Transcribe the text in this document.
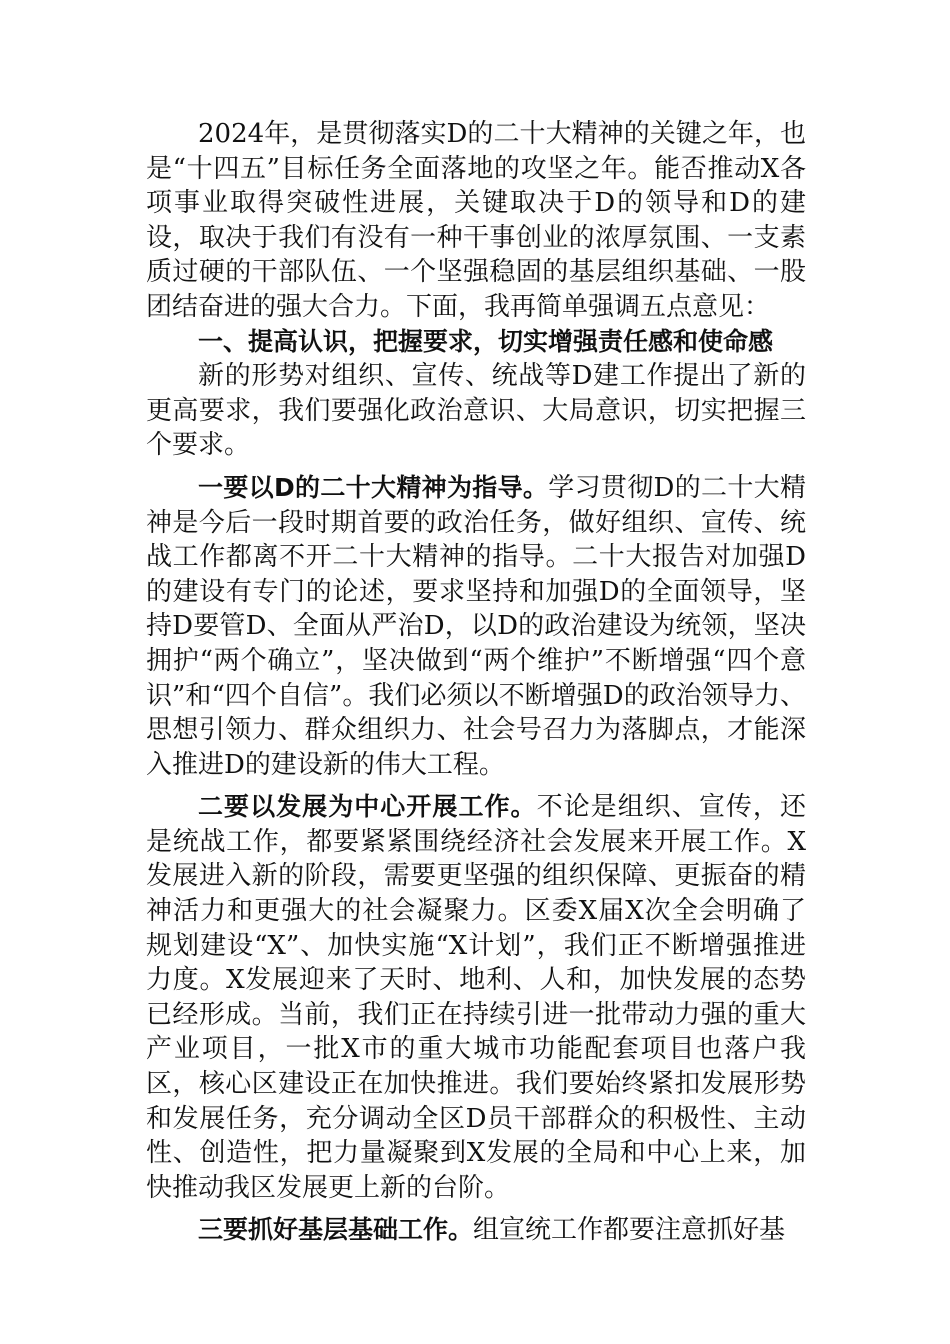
2024年，是贯彻落实D的二十大精神的关键之年，也是“十四五”目标任务全面落地的攻坚之年。能否推动X各项事业取得突破性进展，关键取决于D的领导和D的建设，取决于我们有没有一种干事创业的浓厚氛围、一支素质过硬的干部队伍、一个坚强稳固的基层组织基础、一股团结奋进的强大合力。下面，我再简单强调五点意见：

一、提高认识，把握要求，切实增强责任感和使命感

新的形势对组织、宣传、统战等D建工作提出了新的更高要求，我们要强化政治意识、大局意识，切实把握三个要求。

一要以D的二十大精神为指导。学习贯彻D的二十大精神是今后一段时期首要的政治任务，做好组织、宣传、统战工作都离不开二十大精神的指导。二十大报告对加强D的建设有专门的论述，要求坚持和加强D的全面领导，坚持D要管D、全面从严治D，以D的政治建设为统领，坚决拥护“两个确立”，坚决做到“两个维护”不断增强“四个意识”和“四个自信”。我们必须以不断增强D的政治领导力、思想引领力、群众组织力、社会号召力为落脚点，才能深入推进D的建设新的伟大工程。

二要以发展为中心开展工作。不论是组织、宣传，还是统战工作，都要紧紧围绕经济社会发展来开展工作。X发展进入新的阶段，需要更坚强的组织保障、更振奋的精神活力和更强大的社会凝聚力。区委X届X次全会明确了规划建设“X”、加快实施“X计划”，我们正不断增强推进力度。X发展迎来了天时、地利、人和，加快发展的态势已经形成。当前，我们正在持续引进一批带动力强的重大产业项目，一批X市的重大城市功能配套项目也落户我区，核心区建设正在加快推进。我们要始终紧扣发展形势和发展任务，充分调动全区D员干部群众的积极性、主动性、创造性，把力量凝聚到X发展的全局和中心上来，加快推动我区发展更上新的台阶。

三要抓好基层基础工作。组宣统工作都要注意抓好基
